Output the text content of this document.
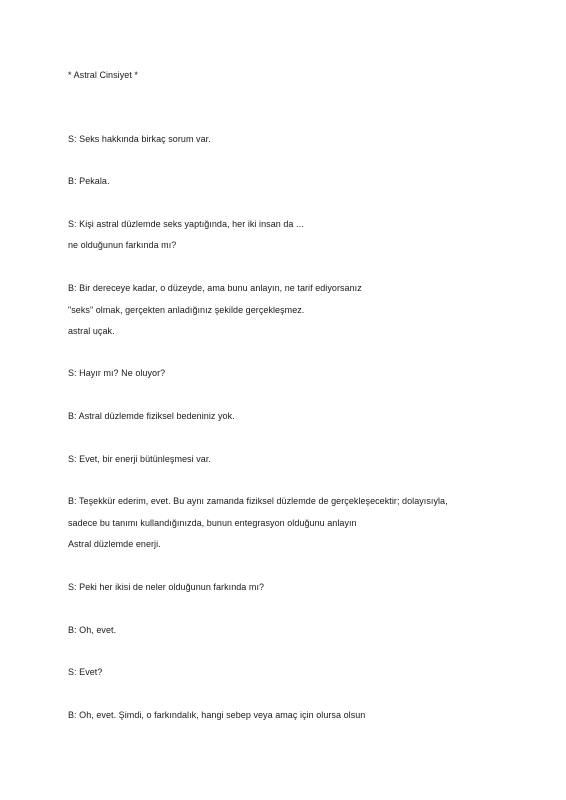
* Astral Cinsiyet *
S: Seks hakkında birkaç sorum var.
B: Pekala.
S: Kişi astral düzlemde seks yaptığında, her iki insan da ...
ne olduğunun farkında mı?
B: Bir dereceye kadar, o düzeyde, ama bunu anlayın, ne tarif ediyorsanız
"seks" olmak, gerçekten anladığınız şekilde gerçekleşmez.
astral uçak.
S: Hayır mı? Ne oluyor?
B: Astral düzlemde fiziksel bedeniniz yok.
S: Evet, bir enerji bütünleşmesi var.
B: Teşekkür ederim, evet. Bu aynı zamanda fiziksel düzlemde de gerçekleşecektir; dolayısıyla,
sadece bu tanımı kullandığınızda, bunun entegrasyon olduğunu anlayın
Astral düzlemde enerji.
S: Peki her ikisi de neler olduğunun farkında mı?
B: Oh, evet.
S: Evet?
B: Oh, evet. Şimdi, o farkındalık, hangi sebep veya amaç için olursa olsun
